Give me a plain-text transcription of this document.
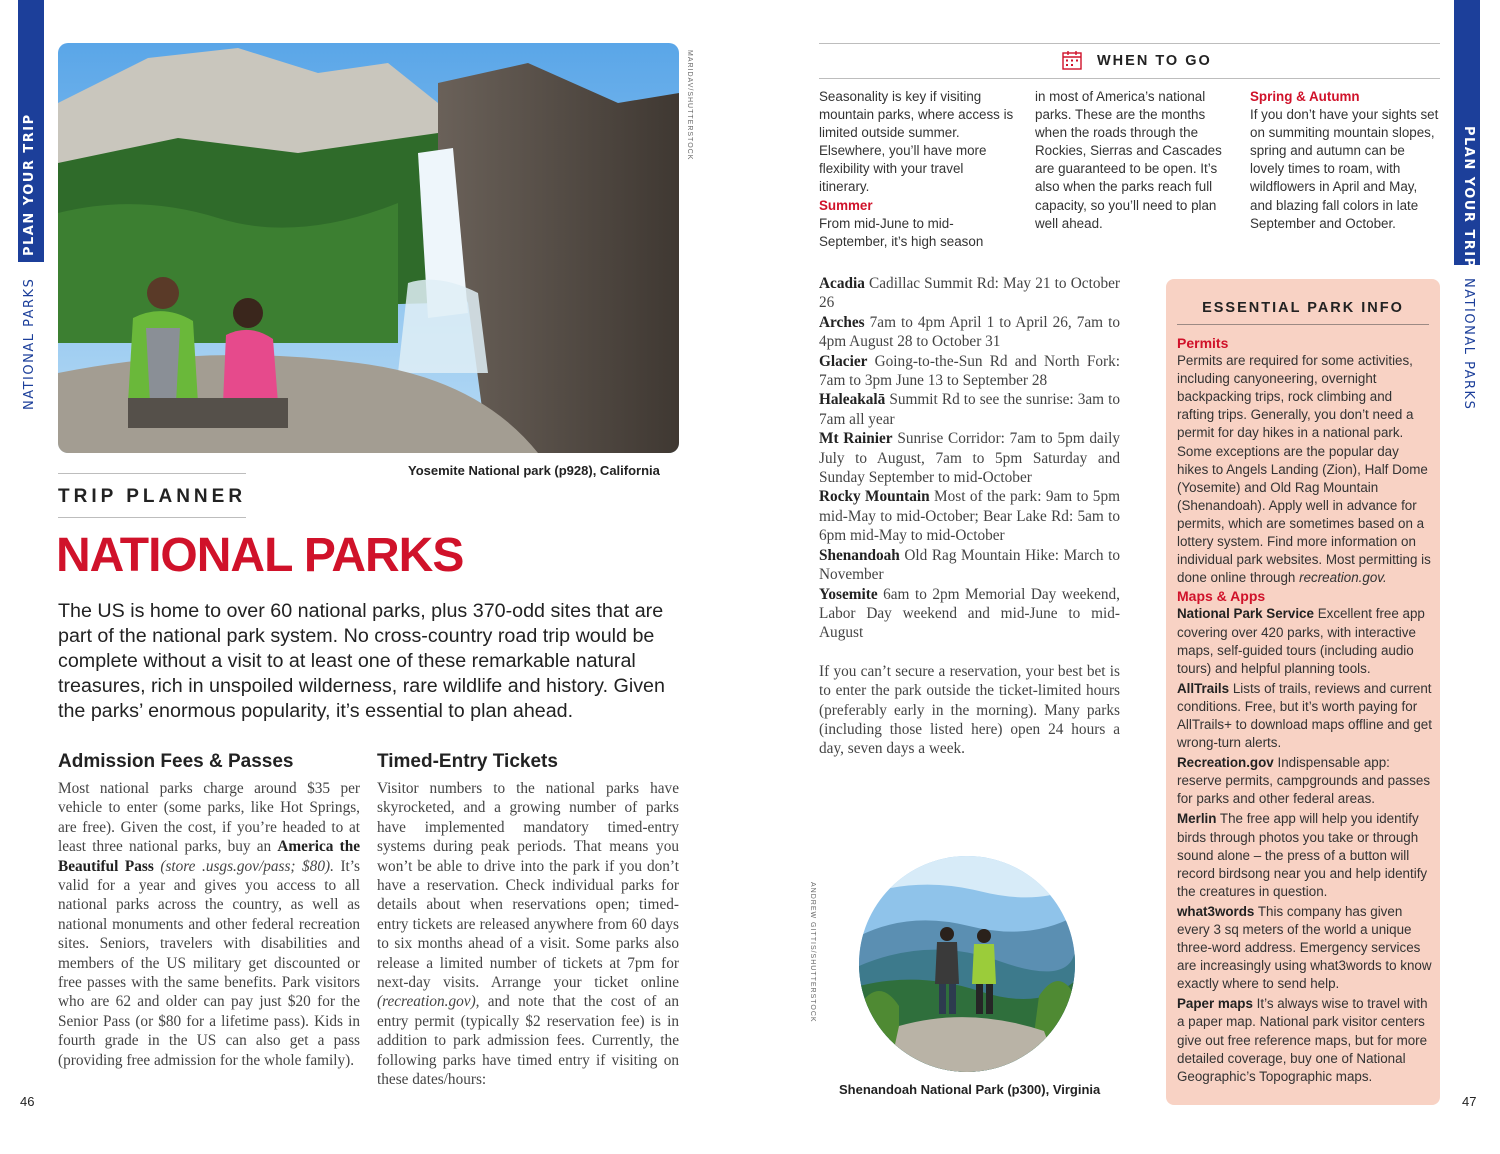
PLAN YOUR TRIP
NATIONAL PARKS
46
MARIDAV/SHUTTERSTOCK
Yosemite National park (p928), California
TRIP PLANNER
NATIONAL PARKS
The US is home to over 60 national parks, plus 370-odd sites that are part of the national park system. No cross-country road trip would be complete without a visit to at least one of these remarkable natural treasures, rich in unspoiled wilderness, rare wildlife and history. Given the parks’ enormous popularity, it’s essential to plan ahead.
Admission Fees & Passes
Most national parks charge around $35 per vehicle to enter (some parks, like Hot Springs, are free). Given the cost, if you’re headed to at least three national parks, buy an America the Beautiful Pass (store .usgs.gov/pass; $80). It’s valid for a year and gives you access to all national parks across the country, as well as national monuments and other federal recreation sites. Seniors, travelers with disabilities and members of the US military get discounted or free passes with the same benefits. Park visitors who are 62 and older can pay just $20 for the Senior Pass (or $80 for a lifetime pass). Kids in fourth grade in the US can also get a pass (providing free admission for the whole family).
Timed-Entry Tickets
Visitor numbers to the national parks have skyrocketed, and a growing number of parks have implemented mandatory timed-entry systems during peak periods. That means you won’t be able to drive into the park if you don’t have a reservation. Check individual parks for details about when reservations open; timed-entry tickets are released anywhere from 60 days to six months ahead of a visit. Some parks also release a limited number of tickets at 7pm for next-day visits. Arrange your ticket online (recreation.gov), and note that the cost of an entry permit (typically $2 reservation fee) is in addition to park admission fees. Currently, the following parks have timed entry if visiting on these dates/hours:
PLAN YOUR TRIP
NATIONAL PARKS
47
WHEN TO GO
Seasonality is key if visiting mountain parks, where access is limited outside summer. Elsewhere, you’ll have more flexibility with your travel itinerary.
Summer
From mid-June to mid-September, it’s high season
in most of America’s national parks. These are the months when the roads through the Rockies, Sierras and Cascades are guaranteed to be open. It’s also when the parks reach full capacity, so you’ll need to plan well ahead.
Spring & Autumn
If you don’t have your sights set on summiting mountain slopes, spring and autumn can be lovely times to roam, with wildflowers in April and May, and blazing fall colors in late September and October.

Acadia Cadillac Summit Rd: May 21 to October 26

Arches 7am to 4pm April 1 to April 26, 7am to 4pm August 28 to October 31

Glacier Going-to-the-Sun Rd and North Fork: 7am to 3pm June 13 to September 28

Haleakalā Summit Rd to see the sunrise: 3am to 7am all year

Mt Rainier Sunrise Corridor: 7am to 5pm daily July to August, 7am to 5pm Saturday and Sunday September to mid-October

Rocky Mountain Most of the park: 9am to 5pm mid-May to mid-October; Bear Lake Rd: 5am to 6pm mid-May to mid-October

Shenandoah Old Rag Mountain Hike: March to November

Yosemite 6am to 2pm Memorial Day weekend, Labor Day weekend and mid-June to mid-August

If you can’t secure a reservation, your best bet is to enter the park outside the ticket-limited hours (preferably early in the morning). Many parks (including those listed here) open 24 hours a day, seven days a week.

ANDREW GITTIS/SHUTTERSTOCK
Shenandoah National Park (p300), Virginia
ESSENTIAL PARK INFO
Permits

Permits are required for some activities, including canyoneering, overnight backpacking trips, rock climbing and rafting trips. Generally, you don’t need a permit for day hikes in a national park. Some exceptions are the popular day hikes to Angels Landing (Zion), Half Dome (Yosemite) and Old Rag Mountain (Shenandoah). Apply well in advance for permits, which are sometimes based on a lottery system. Find more information on individual park websites. Most permitting is done online through recreation.gov.

Maps & Apps

National Park Service Excellent free app covering over 420 parks, with interactive maps, self-guided tours (including audio tours) and helpful planning tools.

AllTrails Lists of trails, reviews and current conditions. Free, but it’s worth paying for AllTrails+ to download maps offline and get wrong-turn alerts.

Recreation.gov Indispensable app: reserve permits, campgrounds and passes for parks and other federal areas.

Merlin The free app will help you identify birds through photos you take or through sound alone – the press of a button will record birdsong near you and help identify the creatures in question.

what3words This company has given every 3 sq meters of the world a unique three-word address. Emergency services are increasingly using what3words to know exactly where to send help.

Paper maps It’s always wise to travel with a paper map. National park visitor centers give out free reference maps, but for more detailed coverage, buy one of National Geographic’s Topographic maps.
